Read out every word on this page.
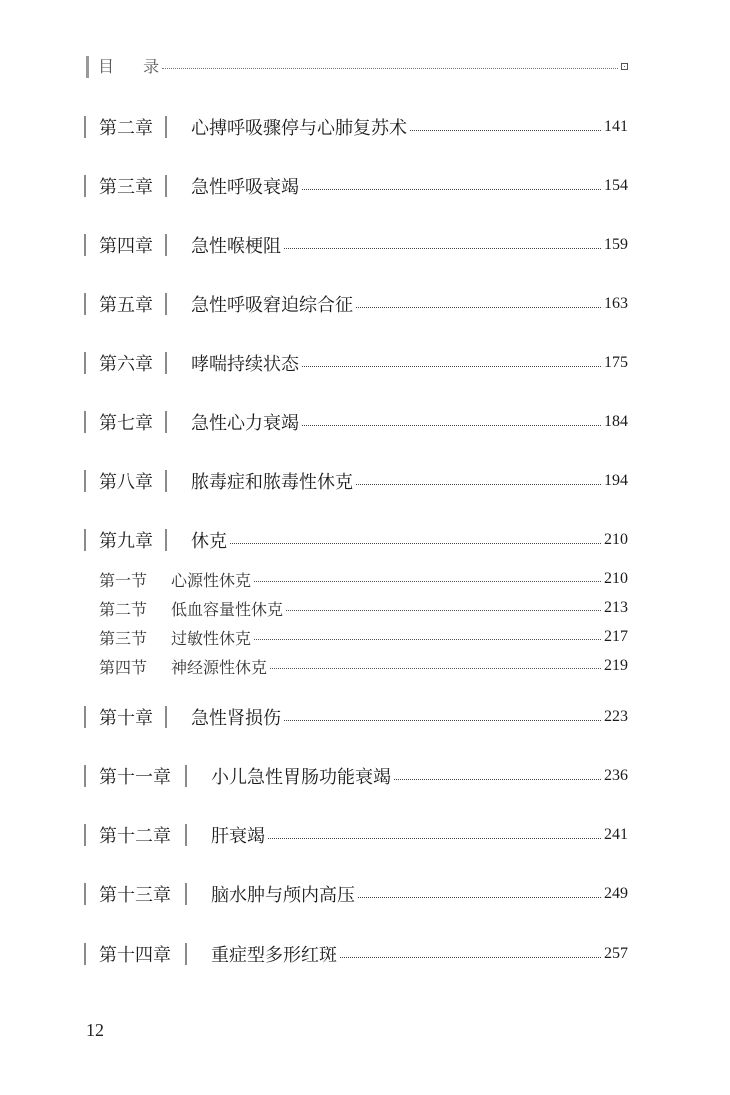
目 录
第二章	心搏呼吸骤停与心肺复苏术	141
第三章	急性呼吸衰竭	154
第四章	急性喉梗阻	159
第五章	急性呼吸窘迫综合征	163
第六章	哮喘持续状态	175
第七章	急性心力衰竭	184
第八章	脓毒症和脓毒性休克	194
第九章	休克	210
第一节	心源性休克	210
第二节	低血容量性休克	213
第三节	过敏性休克	217
第四节	神经源性休克	219
第十章	急性肾损伤	223
第十一章	小儿急性胃肠功能衰竭	236
第十二章	肝衰竭	241
第十三章	脑水肿与颅内高压	249
第十四章	重症型多形红斑	257
12
